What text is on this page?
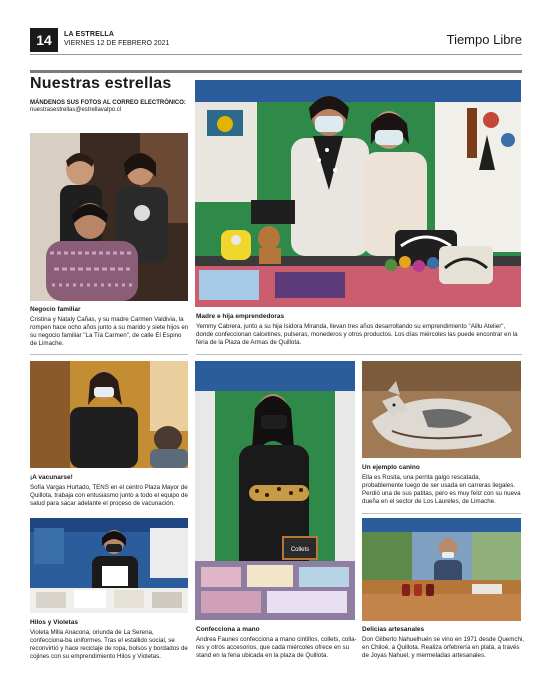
14	LA ESTRELLA
VIERNES 12 DE FEBRERO 2021	Tiempo Libre
Nuestras estrellas
MÁNDENOS SUS FOTOS AL CORREO ELECTRÓNICO:
nuestrasestrellas@estrellavalpo.cl
Negocio familiar
Cristina y Nataly Cañas, y su madre Carmen Valdivia, la rompen hace ocho años junto a su marido y siete hijos en su negocio familiar "La Tía Carmen", de calle El Espino de Limache.
Madre e hija emprendedoras
Yemmy Cabrera, junto a su hija Isidora Miranda, llevan tres años desarrollando su emprendimiento "Aillu Atelier", donde confeccionan calcetines, pulseras, monederos y otros productos. Los días miércoles las puede encontrar en la feria de la Plaza de Armas de Quillota.
¡A vacunarse!
Sofía Vargas Hurtado, TENS en el centro Plaza Mayor de Quillota, trabaja con entusiasmo junto a todo el equipo de salud para sacar adelante el proceso de vacunación.
Collets
Confecciona a mano
Andrea Faunes confecciona a mano cintillos, collets, colla-res y otros accesorios, que cada miércoles ofrece en su stand en la feria ubicada en la plaza de Quillota.
Un ejemplo canino
Ella es Rosita, una perrita galgo rescatada, probablemente luego de ser usada en carreras ilegales. Perdió una de sus patitas, pero es muy feliz con su nueva dueña en el sector de Los Laureles, de Limache.
Hilos y Violetas
Violeta Milla Anacona, oriunda de La Serena, confecciona-ba uniformes. Tras el estallido social, se reconvirtió y hace reciclaje de ropa, bolsos y bordados de cojines con su emprendimiento Hilos y Violetas.
Delicias artesanales
Don Gilberto Nahuelhuén se vino en 1971 desde Quemchi, en Chiloé, a Quillota. Realiza orfebrería en plata, a través de Joyas Nahuel, y mermeladas artesanales.
